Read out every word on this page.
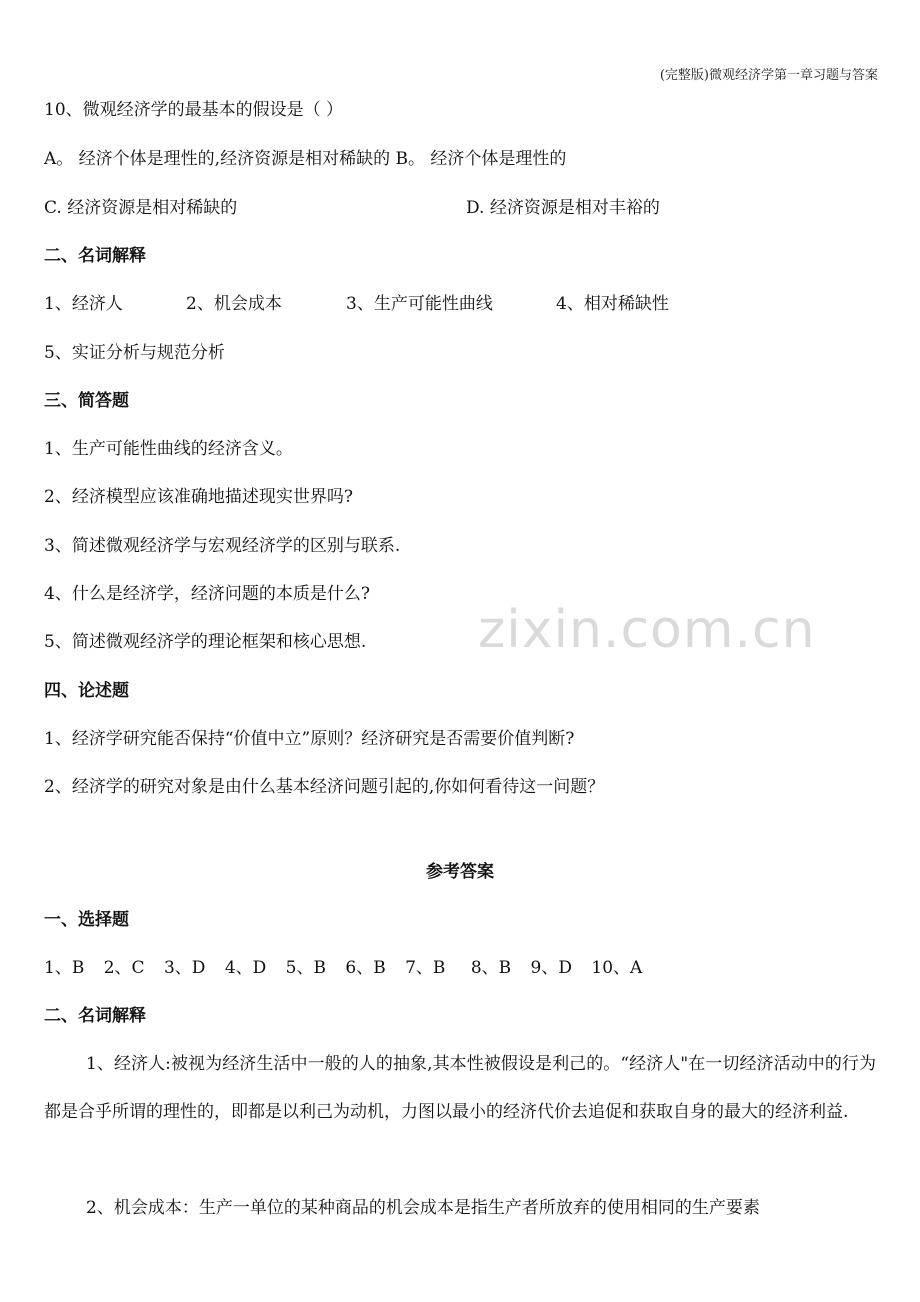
(完整版)微观经济学第一章习题与答案
10、微观经济学的最基本的假设是（ ）
A。 经济个体是理性的,经济资源是相对稀缺的 B。 经济个体是理性的
C. 经济资源是相对稀缺的	D. 经济资源是相对丰裕的
二、名词解释
1、经济人	2、机会成本	3、生产可能性曲线	4、相对稀缺性
5、实证分析与规范分析
三、简答题
1、生产可能性曲线的经济含义。
2、经济模型应该准确地描述现实世界吗?
3、简述微观经济学与宏观经济学的区别与联系.
4、什么是经济学，经济问题的本质是什么?
5、简述微观经济学的理论框架和核心思想.
四、论述题
1、经济学研究能否保持“价值中立”原则？经济研究是否需要价值判断?
2、经济学的研究对象是由什么基本经济问题引起的,你如何看待这一问题？
参考答案
一、选择题
1、B 2、C 3、D 4、D 5、B 6、B 7、B 8、B 9、D 10、A
二、名词解释
1、经济人:被视为经济生活中一般的人的抽象,其本性被假设是利己的。“经济人"在一切经济活动中的行为都是合乎所谓的理性的，即都是以利己为动机，力图以最小的经济代价去追促和获取自身的最大的经济利益.
2、机会成本：生产一单位的某种商品的机会成本是指生产者所放弃的使用相同的生产要素
zixin.com.cn
